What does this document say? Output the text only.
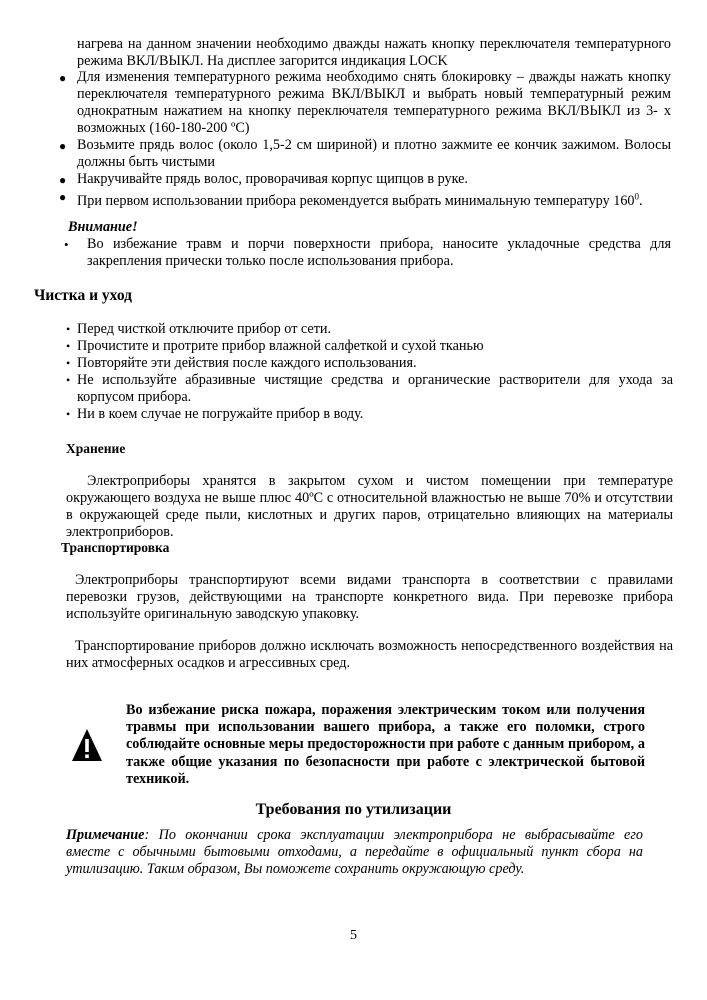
нагрева на данном значении необходимо дважды нажать кнопку переключателя температурного режима ВКЛ/ВЫКЛ. На дисплее загорится индикация LOCK
● Для изменения температурного режима необходимо снять блокировку – дважды нажать кнопку переключателя температурного режима ВКЛ/ВЫКЛ и выбрать новый температурный режим однократным нажатием на кнопку переключателя температурного режима ВКЛ/ВЫКЛ из 3- х возможных (160-180-200 ºС)
● Возьмите прядь волос (около 1,5-2 см шириной) и плотно зажмите ее кончик зажимом. Волосы должны быть чистыми
● Накручивайте прядь волос, проворачивая корпус щипцов в руке.
● При первом использовании прибора рекомендуется выбрать минимальную температуру $160^0$.
Внимание!
• Во избежание травм и порчи поверхности прибора, наносите укладочные средства для закрепления прически только после использования прибора.
Чистка и уход
• Перед чисткой отключите прибор от сети.
• Прочистите и протрите прибор влажной салфеткой и сухой тканью
• Повторяйте эти действия после каждого использования.
• Не используйте абразивные чистящие средства и органические растворители для ухода за корпусом прибора.
• Ни в коем случае не погружайте прибор в воду.
Хранение
Электроприборы хранятся в закрытом сухом и чистом помещении при температуре окружающего воздуха не выше плюс 40ºС с относительной влажностью не выше 70% и отсутствии в окружающей среде пыли, кислотных и других паров, отрицательно влияющих на материалы электроприборов.
Транспортировка
Электроприборы транспортируют всеми видами транспорта в соответствии с правилами перевозки грузов, действующими на транспорте конкретного вида. При перевозке прибора используйте оригинальную заводскую упаковку.
Транспортирование приборов должно исключать возможность непосредственного воздействия на них атмосферных осадков и агрессивных сред.
Во избежание риска пожара, поражения электрическим током или получения травмы при использовании вашего прибора, а также его поломки, строго соблюдайте основные меры предосторожности при работе с данным прибором, а также общие указания по безопасности при работе с электрической бытовой техникой.
Требования по утилизации
Примечание: По окончании срока эксплуатации электроприбора не выбрасывайте его вместе с обычными бытовыми отходами, а передайте в официальный пункт сбора на утилизацию. Таким образом, Вы поможете сохранить окружающую среду.
5
